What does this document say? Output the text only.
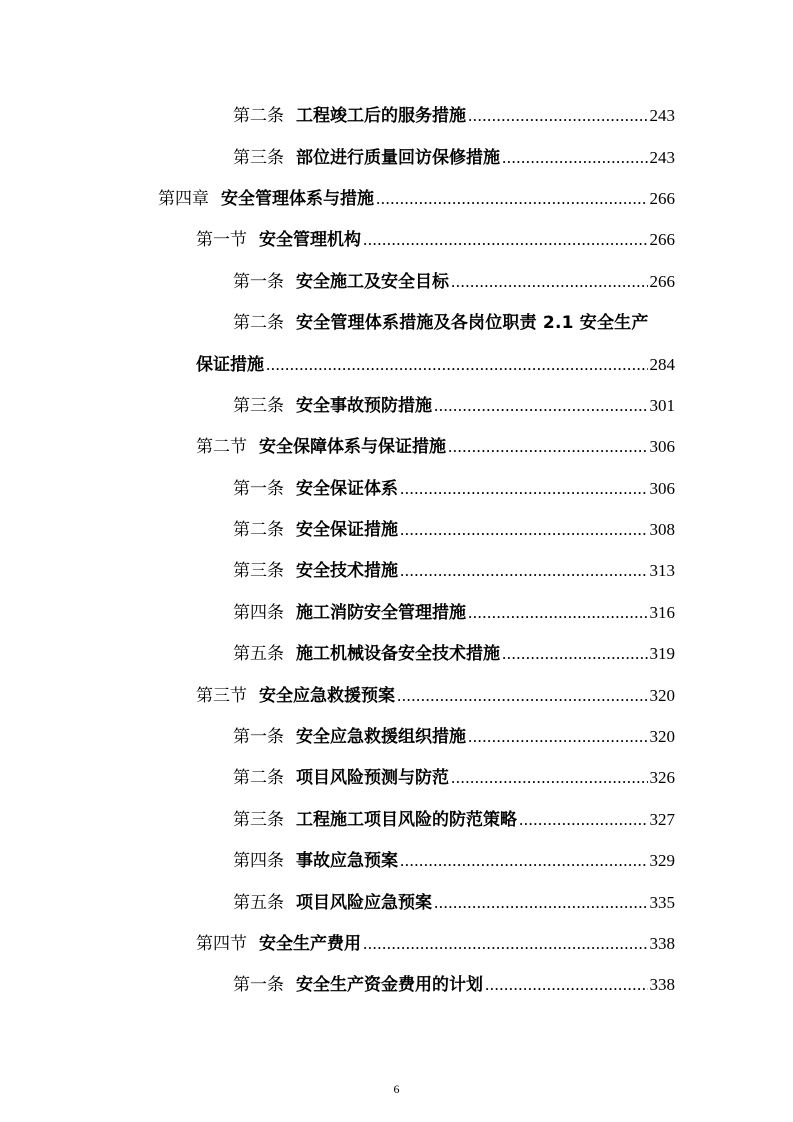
第二条 工程竣工后的服务措施 .....	243
第三条 部位进行质量回访保修措施 .....	243
第四章 安全管理体系与措施 .....	266
第一节 安全管理机构 .....	266
第一条 安全施工及安全目标 .....	266
第二条 安全管理体系措施及各岗位职责 2.1 安全生产
保证措施 .....	284
第三条 安全事故预防措施 .....	301
第二节 安全保障体系与保证措施 .....	306
第一条 安全保证体系 .....	306
第二条 安全保证措施 .....	308
第三条 安全技术措施 .....	313
第四条 施工消防安全管理措施 .....	316
第五条 施工机械设备安全技术措施 .....	319
第三节 安全应急救援预案 .....	320
第一条 安全应急救援组织措施 .....	320
第二条 项目风险预测与防范 .....	326
第三条 工程施工项目风险的防范策略 .....	327
第四条 事故应急预案 .....	329
第五条 项目风险应急预案 .....	335
第四节 安全生产费用 .....	338
第一条 安全生产资金费用的计划 .....	338
6
